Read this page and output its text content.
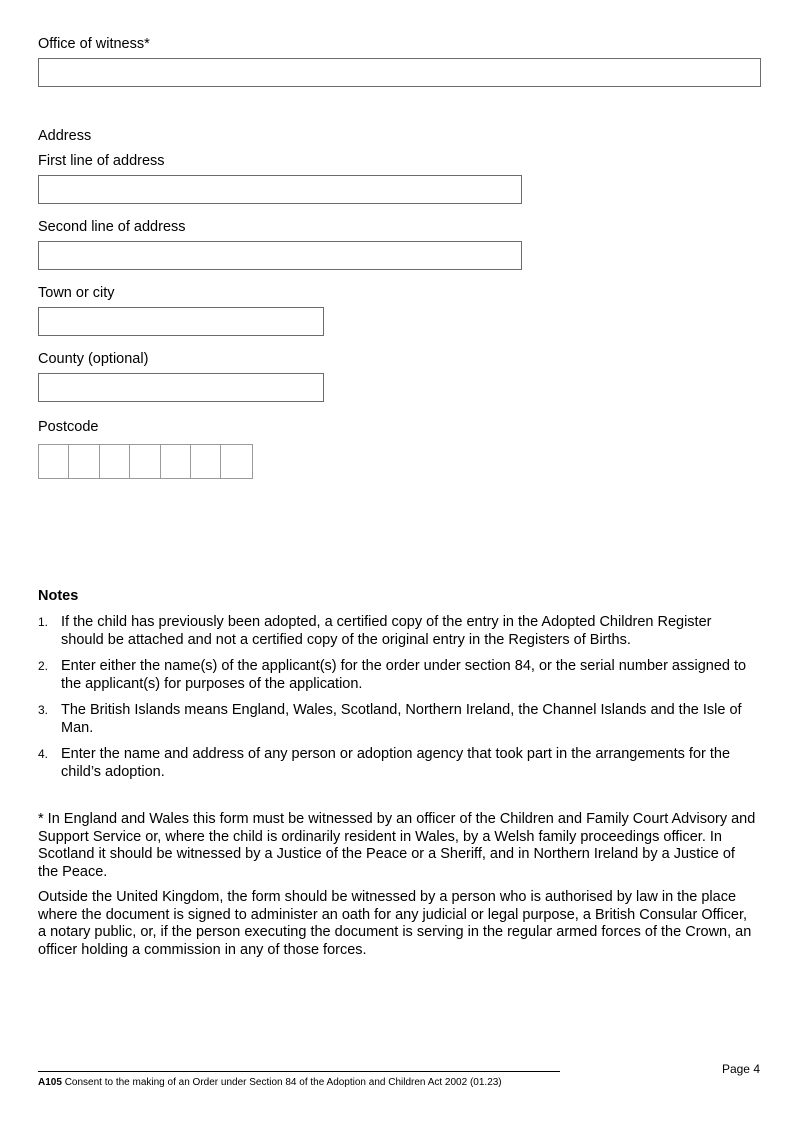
Office of witness*
Address
First line of address
Second line of address
Town or city
County (optional)
Postcode
Notes
1. If the child has previously been adopted, a certified copy of the entry in the Adopted Children Register should be attached and not a certified copy of the original entry in the Registers of Births.
2. Enter either the name(s) of the applicant(s) for the order under section 84, or the serial number assigned to the applicant(s) for purposes of the application.
3. The British Islands means England, Wales, Scotland, Northern Ireland, the Channel Islands and the Isle of Man.
4. Enter the name and address of any person or adoption agency that took part in the arrangements for the child’s adoption.

* In England and Wales this form must be witnessed by an officer of the Children and Family Court Advisory and Support Service or, where the child is ordinarily resident in Wales, by a Welsh family proceedings officer. In Scotland it should be witnessed by a Justice of the Peace or a Sheriff, and in Northern Ireland by a Justice of the Peace.

Outside the United Kingdom, the form should be witnessed by a person who is authorised by law in the place where the document is signed to administer an oath for any judicial or legal purpose, a British Consular Officer, a notary public, or, if the person executing the document is serving in the regular armed forces of the Crown, an officer holding a commission in any of those forces.

Page 4
A105 Consent to the making of an Order under Section 84 of the Adoption and Children Act 2002 (01.23)
